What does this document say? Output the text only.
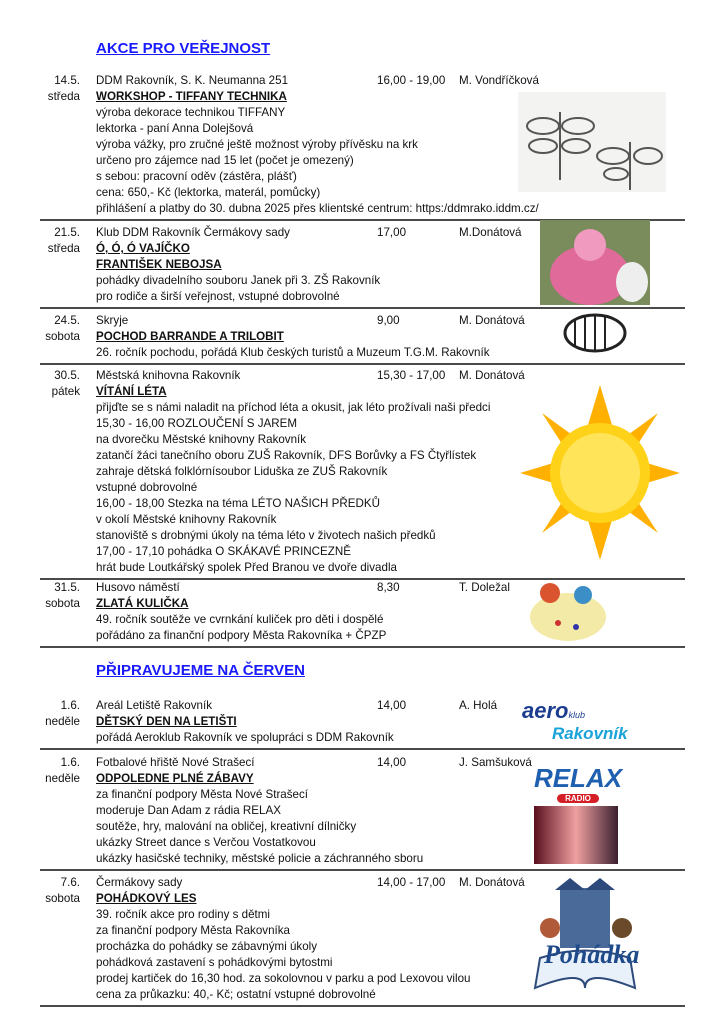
AKCE PRO VEŘEJNOST
PŘIPRAVUJEME NA ČERVEN
14.5. DDM Rakovník, S. K. Neumanna 251	16,00 - 19,00 M. Vondříčková
středa WORKSHOP - TIFFANY TECHNIKA
výroba dekorace technikou TIFFANY
lektorka - paní Anna Dolejšová
výroba vážky, pro zručné ještě možnost výroby přívěsku na krk
určeno pro zájemce nad 15 let (počet je omezený)
s sebou: pracovní oděv (zástěra, plášť)
cena: 650,- Kč (lektorka, materál, pomůcky)
přihlášení a platby do 30. dubna 2025 přes klientské centrum: https:/ddmrako.iddm.cz/
21.5. Klub DDM Rakovník Čermákovy sady	17,00	M.Donátová
středa Ó, Ó, Ó VAJÍČKO
FRANTIŠEK NEBOJSA
pohádky divadelního souboru Janek při 3. ZŠ Rakovník
pro rodiče a širší veřejnost, vstupné dobrovolné
24.5. Skryje	9,00	M. Donátová
sobota POCHOD BARRANDE A TRILOBIT
26. ročník pochodu, pořádá Klub českých turistů a Muzeum T.G.M. Rakovník
30.5. Městská knihovna Rakovník	15,30 - 17,00 M. Donátová
pátek VÍTÁNÍ LÉTA
přijďte se s námi naladit na příchod léta a okusit, jak léto prožívali naši předci
15,30 - 16,00 ROZLOUČENÍ S JAREM
na dvorečku Městské knihovny Rakovník
zatančí žáci tanečního oboru ZUŠ Rakovník, DFS Borůvky a FS Čtyřlístek
zahraje dětská folklórnísoubor Liduška ze ZUŠ Rakovník
vstupné dobrovolné
16,00 - 18,00 Stezka na téma LÉTO NAŠICH PŘEDKŮ
v okolí Městské knihovny Rakovník
stanoviště s drobnými úkoly na téma léto v životech našich předků
17,00 - 17,10 pohádka O SKÁKAVÉ PRINCEZNĚ
hrát bude Loutkářský spolek Před Branou ve dvoře divadla
31.5. Husovo náměstí	8,30	T. Doležal
sobota ZLATÁ KULIČKA
49. ročník soutěže ve cvrnkání kuliček pro děti i dospělé
pořádáno za finanční podpory Města Rakovníka + ČPZP
1.6. Areál Letiště Rakovník	14,00	A. Holá
neděle DĚTSKÝ DEN NA LETIŠTI
pořádá Aeroklub Rakovník ve spolupráci s DDM Rakovník
1.6. Fotbalové hřiště Nové Strašecí	14,00	J. Samšuková
neděle ODPOLEDNE PLNÉ ZÁBAVY
za finanční podpory Města Nové Strašecí
moderuje Dan Adam z rádia RELAX
soutěže, hry, malování na obličej, kreativní dílničky
ukázky Street dance s Verčou Vostatkovou
ukázky hasičské techniky, městské policie a záchranného sboru
7.6. Čermákovy sady	14,00 - 17,00 M. Donátová
sobota POHÁDKOVÝ LES
39. ročník akce pro rodiny s dětmi
za finanční podpory Města Rakovníka
procházka do pohádky se zábavnými úkoly
pohádková zastavení s pohádkovými bytostmi
prodej kartiček do 16,30 hod. za sokolovnou v parku a pod Lexovou vilou
cena za průkazku: 40,- Kč; ostatní vstupné dobrovolné
aeroklub
Rakovník
RELAX
RADIO
Pohádka
